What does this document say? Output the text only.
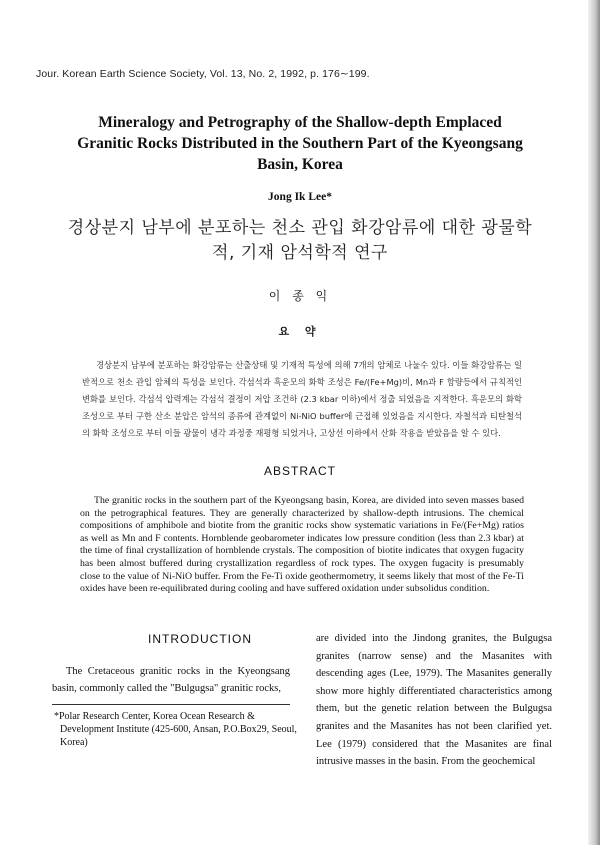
Jour. Korean Earth Science Society, Vol. 13, No. 2, 1992, p. 176∼199.
Mineralogy and Petrography of the Shallow-depth Emplaced Granitic Rocks Distributed in the Southern Part of the Kyeongsang Basin, Korea
Jong Ik Lee*
경상분지 남부에 분포하는 천소 관입 화강암류에 대한 광물학적, 기재 암석학적 연구
이 종 익
요 약
경상분지 남부에 분포하는 화강암류는 산출상태 및 기재적 특성에 의해 7개의 암체로 나눌수 있다. 이들 화강암류는 일반적으로 천소 관입 암체의 특성을 보인다. 각섬석과 흑운모의 화학 조성은 Fe/(Fe+Mg)비, Mn과 F 함량등에서 규칙적인 변화를 보인다. 각섬석 압력계는 각섬석 결정이 저압 조건하 (2.3 kbar 이하)에서 정출 되었음을 지적한다. 흑운모의 화학 조성으로 부터 구한 산소 분압은 암석의 종류에 관계없이 Ni-NiO buffer에 근접해 있었음을 지시한다. 자철석과 티탄철석의 화학 조성으로 부터 이들 광물이 냉각 과정중 재평형 되었거나, 고상선 이하에서 산화 작용을 받았음을 알 수 있다.
ABSTRACT
The granitic rocks in the southern part of the Kyeongsang basin, Korea, are divided into seven masses based on the petrographical features. They are generally characterized by shallow-depth intrusions. The chemical compositions of amphibole and biotite from the granitic rocks show systematic variations in Fe/(Fe+Mg) ratios as well as Mn and F contents. Hornblende geobarometer indicates low pressure condition (less than 2.3 kbar) at the time of final crystallization of hornblende crystals. The composition of biotite indicates that oxygen fugacity has been almost buffered during crystallization regardless of rock types. The oxygen fugacity is presumably close to the value of Ni-NiO buffer. From the Fe-Ti oxide geothermometry, it seems likely that most of the Fe-Ti oxides have been re-equilibrated during cooling and have suffered oxidation under subsolidus condition.
INTRODUCTION
The Cretaceous granitic rocks in the Kyeongsang basin, commonly called the "Bulgugsa" granitic rocks,
are divided into the Jindong granites, the Bulgugsa granites (narrow sense) and the Masanites with descending ages (Lee, 1979). The Masanites generally show more highly differentiated characteristics among them, but the genetic relation between the Bulgugsa granites and the Masanites has not been clarified yet. Lee (1979) considered that the Masanites are final intrusive masses in the basin. From the geochemical
*Polar Research Center, Korea Ocean Research & Development Institute (425-600, Ansan, P.O.Box29, Seoul, Korea)
